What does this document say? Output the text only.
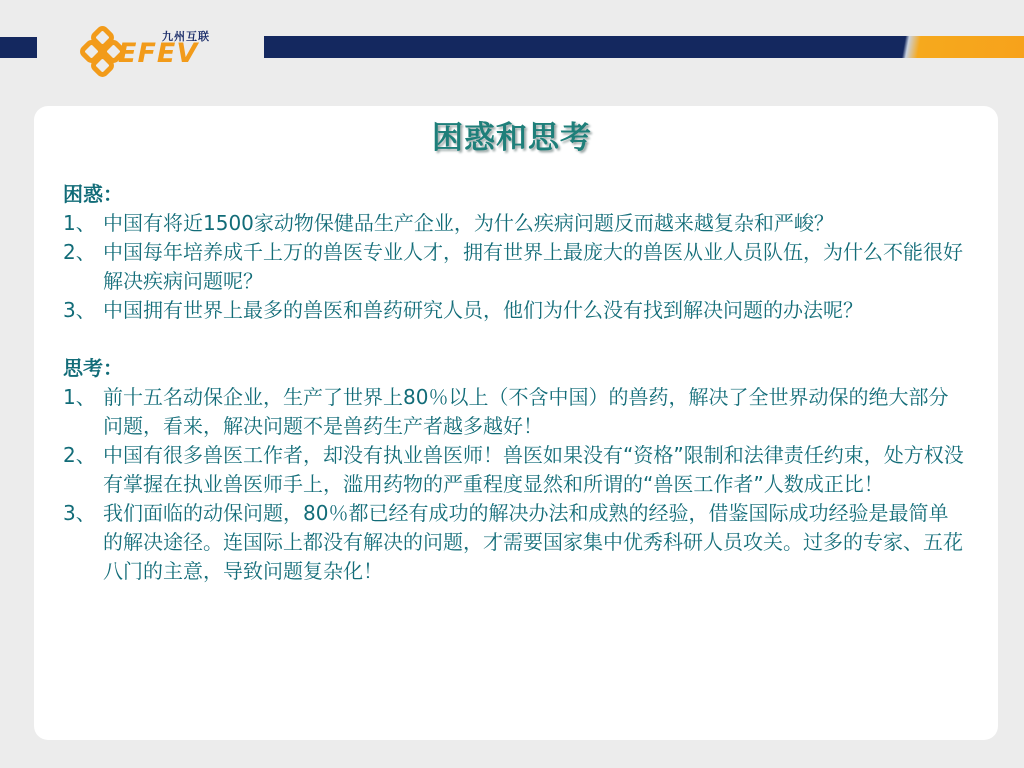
九州互联
EFEV
困惑和思考

困惑：

1、 中国有将近1500家动物保健品生产企业，为什么疾病问题反而越来越复杂和严峻？

2、 中国每年培养成千上万的兽医专业人才，拥有世界上最庞大的兽医从业人员队伍，为什么不能很好解决疾病问题呢？

3、 中国拥有世界上最多的兽医和兽药研究人员，他们为什么没有找到解决问题的办法呢？

思考：

1、 前十五名动保企业，生产了世界上80％以上（不含中国）的兽药，解决了全世界动保的绝大部分问题，看来，解决问题不是兽药生产者越多越好！

2、 中国有很多兽医工作者，却没有执业兽医师！兽医如果没有“资格”限制和法律责任约束，处方权没有掌握在执业兽医师手上，滥用药物的严重程度显然和所谓的“兽医工作者”人数成正比！

3、 我们面临的动保问题，80％都已经有成功的解决办法和成熟的经验，借鉴国际成功经验是最简单的解决途径。连国际上都没有解决的问题，才需要国家集中优秀科研人员攻关。过多的专家、五花八门的主意，导致问题复杂化！
